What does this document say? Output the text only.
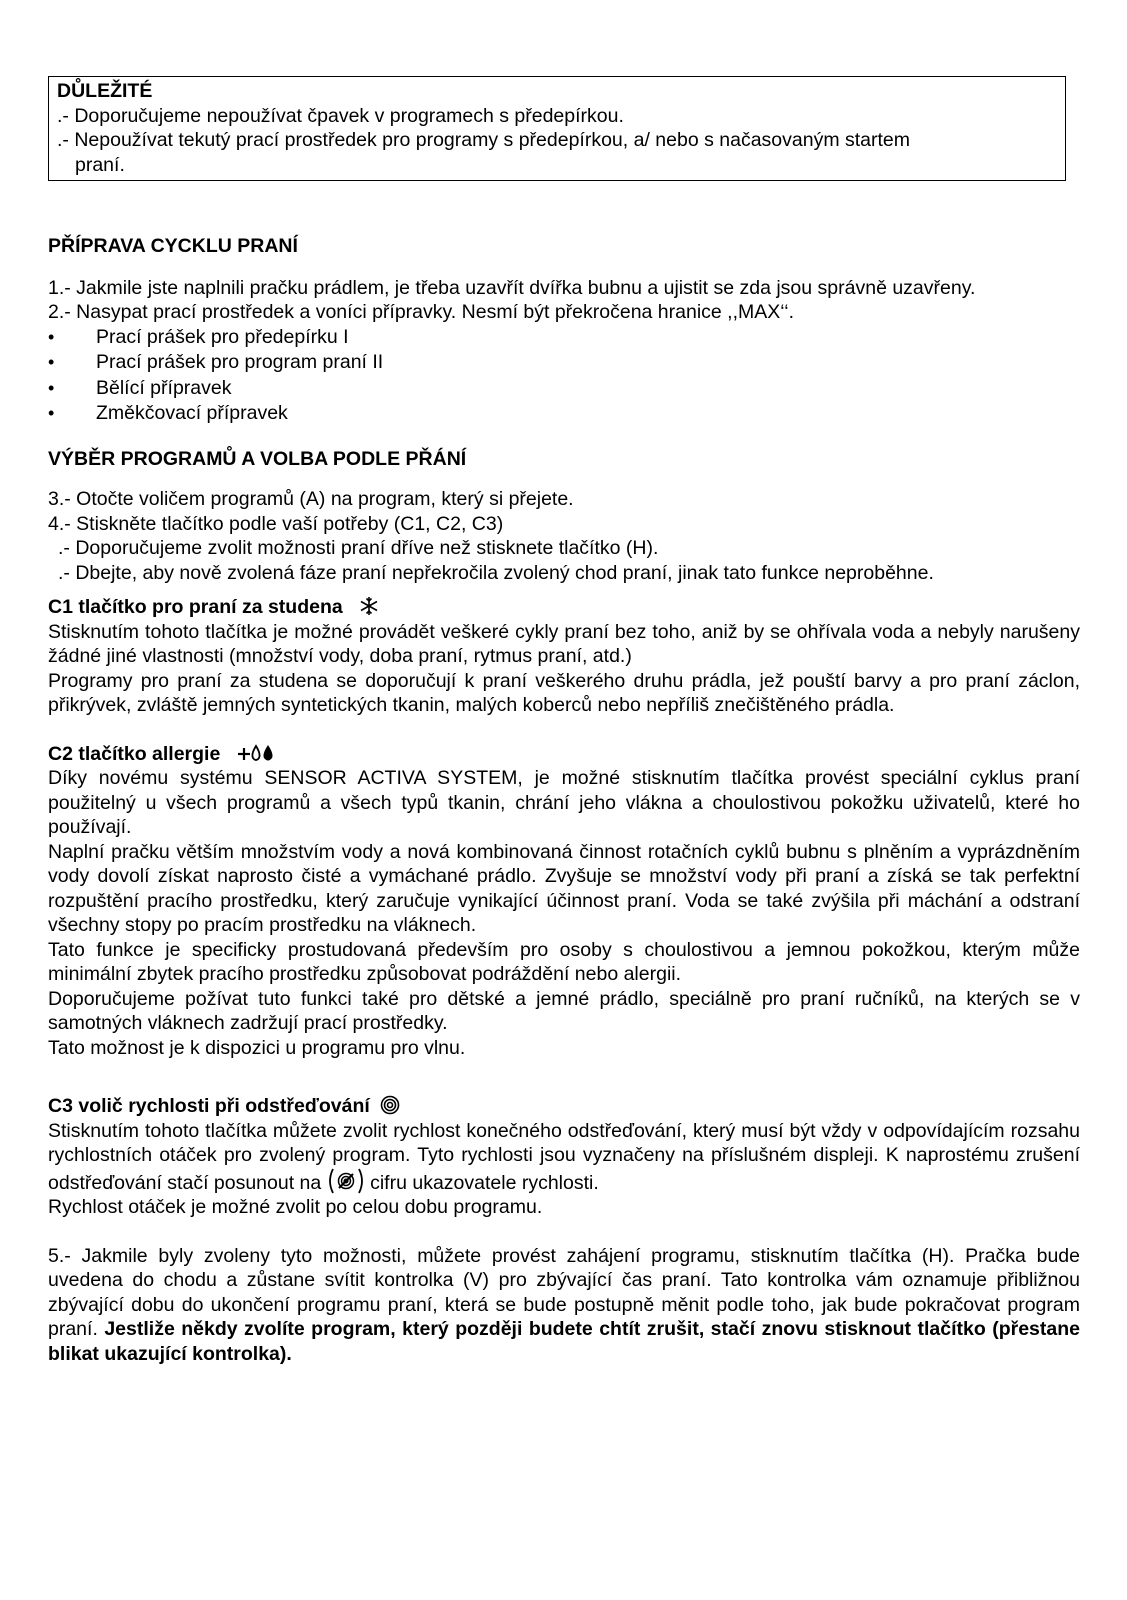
DŮLEŽITÉ
.- Doporučujeme nepoužívat čpavek v programech s předepírkou.
.- Nepoužívat tekutý prací prostředek pro programy s předepírkou, a/ nebo s načasovaným startem
praní.
PŘÍPRAVA CYCKLU PRANÍ

1.- Jakmile jste naplnili pračku prádlem, je třeba uzavřít dvířka bubnu a ujistit se zda jsou správně uzavřeny.

2.- Nasypat prací prostředek a voníci přípravky. Nesmí být překročena hranice ,,MAX‘‘.

• Prací prášek pro předepírku I
• Prací prášek pro program praní II
• Bělící přípravek
• Změkčovací přípravek
VÝBĚR PROGRAMŮ A VOLBA PODLE PŘÁNÍ

3.- Otočte voličem programů (A) na program, který si přejete.

4.- Stiskněte tlačítko podle vaší potřeby (C1, C2, C3)

.- Doporučujeme zvolit možnosti praní dříve než stisknete tlačítko (H).

.- Dbejte, aby nově zvolená fáze praní nepřekročila zvolený chod praní, jinak tato funkce neproběhne.

C1 tlačítko pro praní za studena

Stisknutím tohoto tlačítka je možné provádět veškeré cykly praní bez toho, aniž by se ohřívala voda a nebyly narušeny žádné jiné vlastnosti (množství vody, doba praní, rytmus praní, atd.)

Programy pro praní za studena se doporučují k praní veškerého druhu prádla, jež pouští barvy a pro praní záclon, přikrývek, zvláště jemných syntetických tkanin, malých koberců nebo nepříliš znečištěného prádla.

C2 tlačítko allergie

Díky novému systému SENSOR ACTIVA SYSTEM, je možné stisknutím tlačítka provést speciální cyklus praní použitelný u všech programů a všech typů tkanin, chrání jeho vlákna a choulostivou pokožku uživatelů, které ho používají.

Naplní pračku větším množstvím vody a nová kombinovaná činnost rotačních cyklů bubnu s plněním a vyprázdněním vody dovolí získat naprosto čisté a vymáchané prádlo. Zvyšuje se množství vody při praní a získá se tak perfektní rozpuštění pracího prostředku, který zaručuje vynikající účinnost praní. Voda se také zvýšila při máchání a odstraní všechny stopy po pracím prostředku na vláknech.

Tato funkce je specificky prostudovaná především pro osoby s choulostivou a jemnou pokožkou, kterým může minimální zbytek pracího prostředku způsobovat podráždění nebo alergii.

Doporučujeme požívat tuto funkci také pro dětské a jemné prádlo, speciálně pro praní ručníků, na kterých se v samotných vláknech zadržují prací prostředky.

Tato možnost je k dispozici u programu pro vlnu.

C3 volič rychlosti při odstřeďování

Stisknutím tohoto tlačítka můžete zvolit rychlost konečného odstřeďování, který musí být vždy v odpovídajícím rozsahu rychlostních otáček pro zvolený program. Tyto rychlosti jsou vyznačeny na příslušném displeji. K naprostému zrušení odstřeďování stačí posunout na	cifru ukazovatele rychlosti.

Rychlost otáček je možné zvolit po celou dobu programu.

5.- Jakmile byly zvoleny tyto možnosti, můžete provést zahájení programu, stisknutím tlačítka (H). Pračka bude uvedena do chodu a zůstane svítit kontrolka (V) pro zbývající čas praní. Tato kontrolka vám oznamuje přibližnou zbývající dobu do ukončení programu praní, která se bude postupně měnit podle toho, jak bude pokračovat program praní. Jestliže někdy zvolíte program, který později budete chtít zrušit, stačí znovu stisknout tlačítko (přestane blikat ukazující kontrolka).
